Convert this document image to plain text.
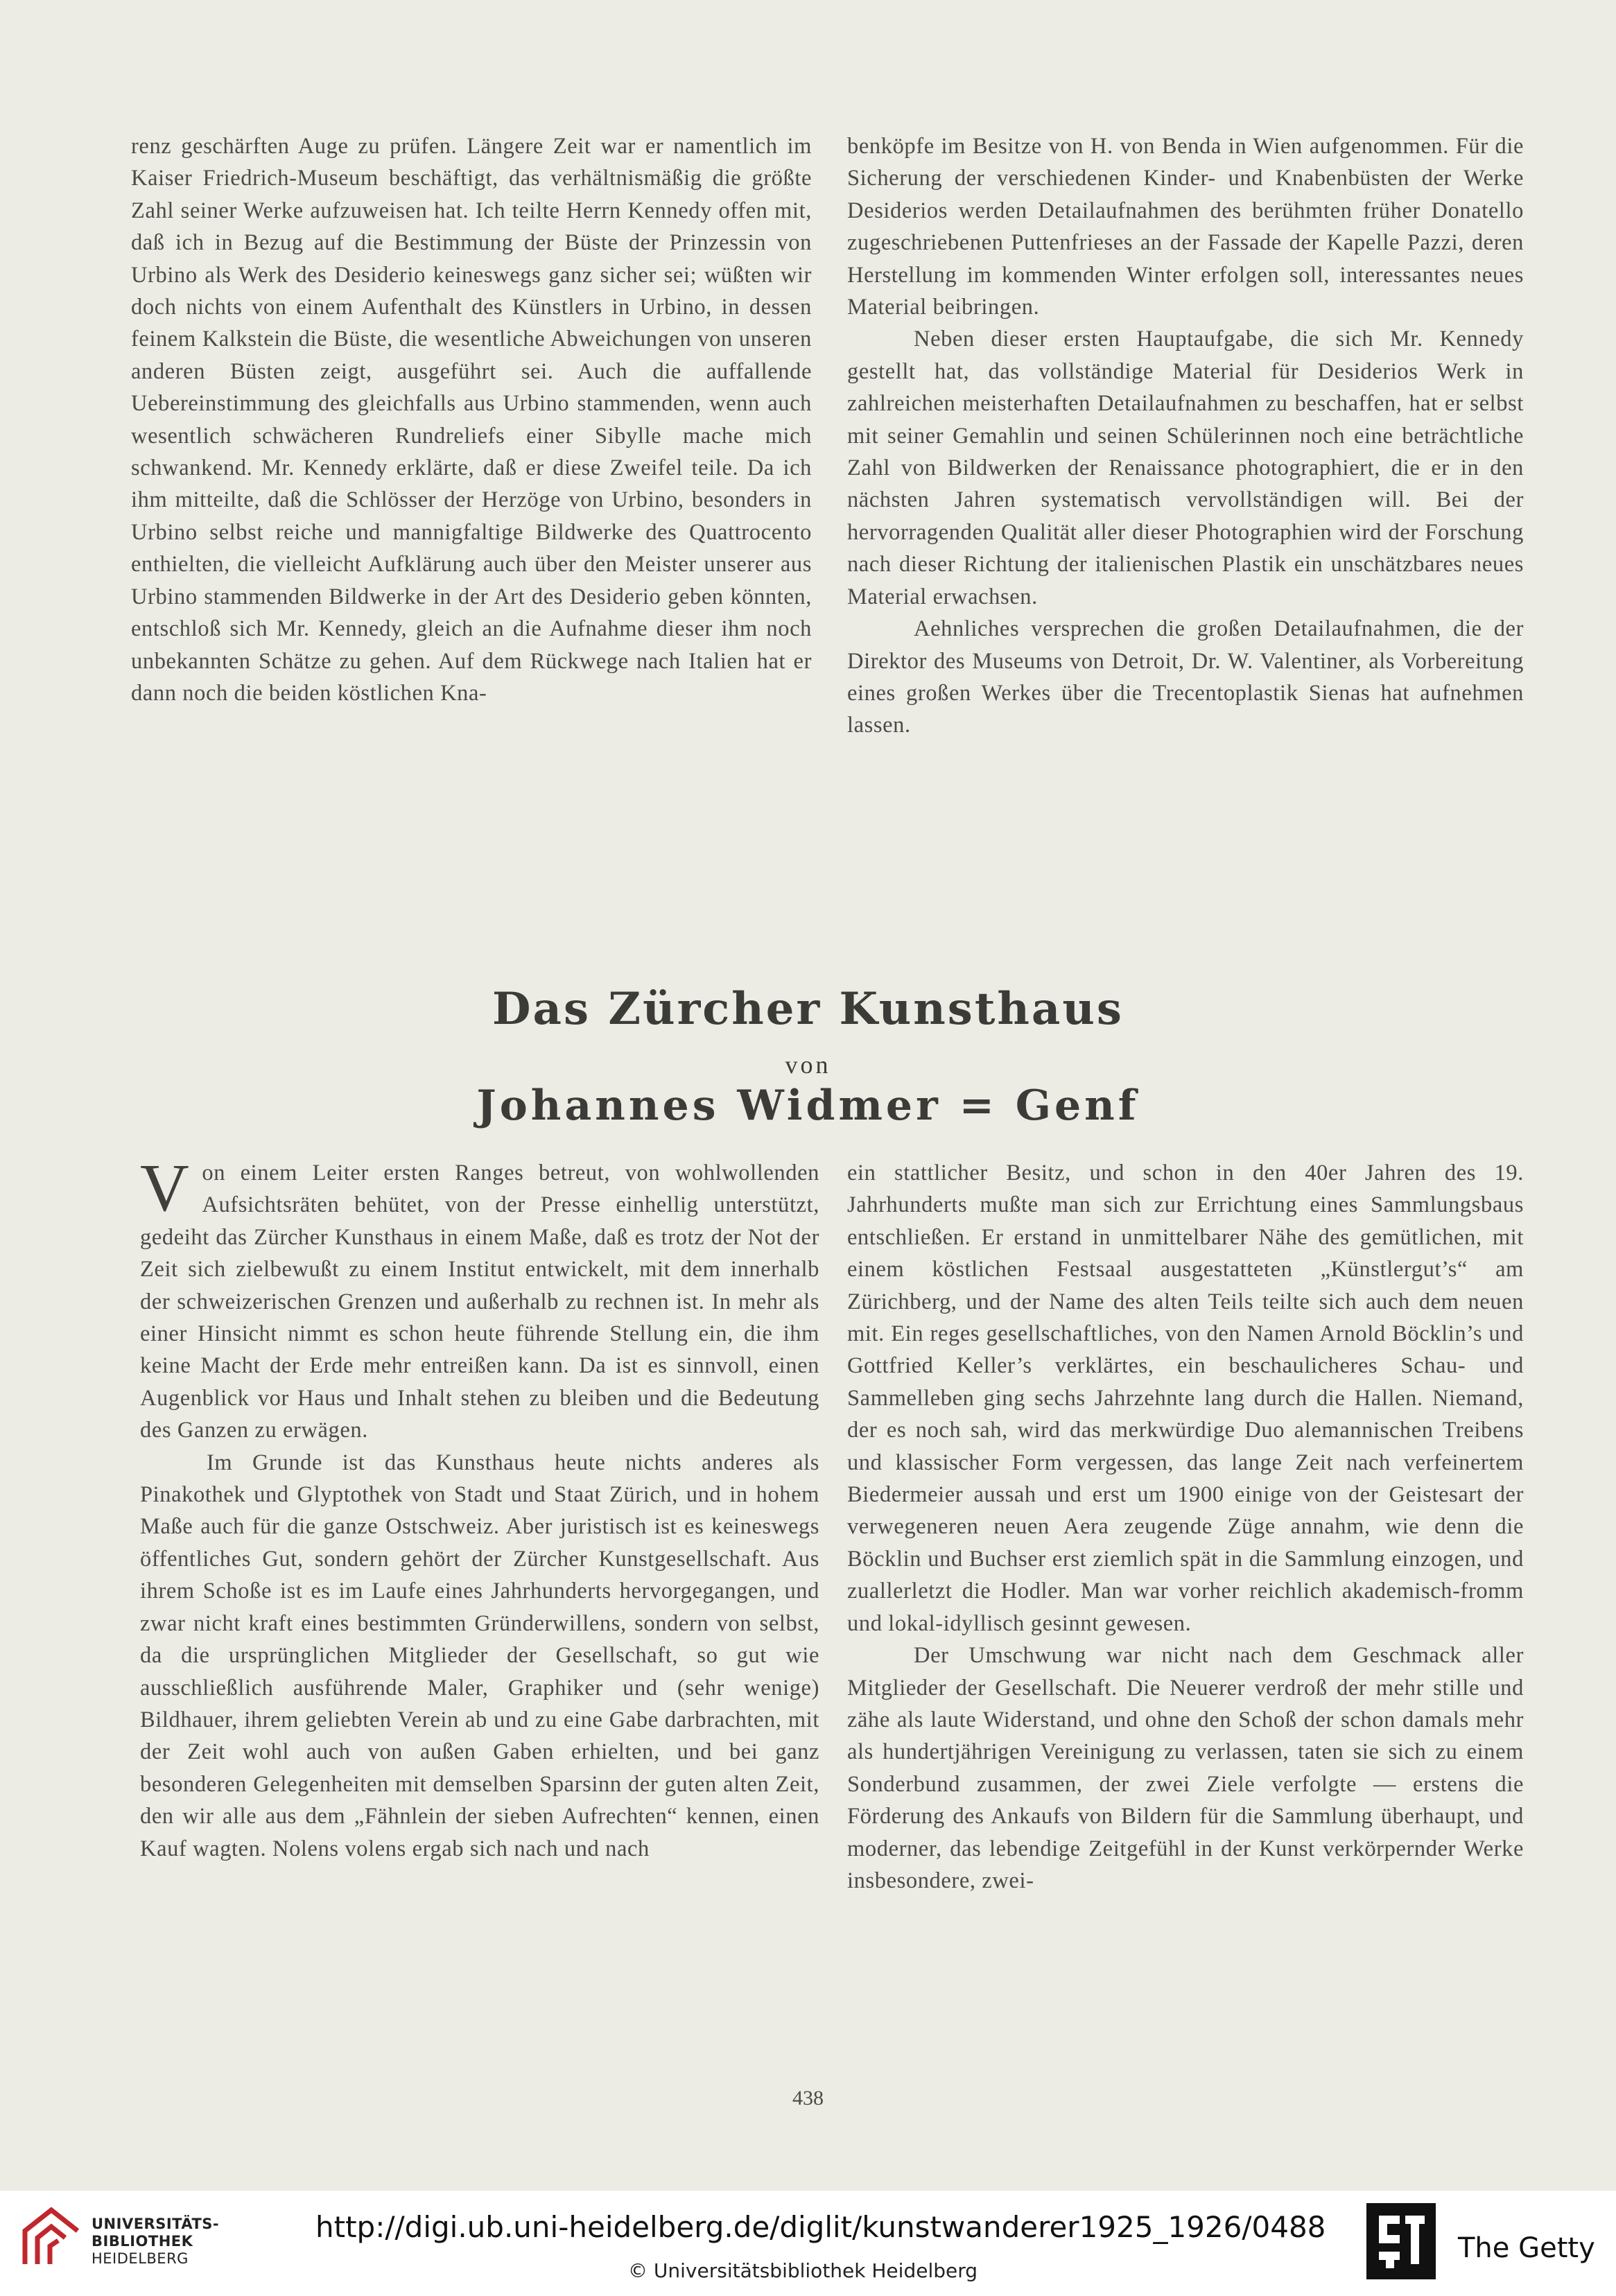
renz geschärften Auge zu prüfen. Längere Zeit war er namentlich im Kaiser Friedrich-Museum beschäftigt, das verhältnismäßig die größte Zahl seiner Werke aufzuweisen hat. Ich teilte Herrn Kennedy offen mit, daß ich in Bezug auf die Bestimmung der Büste der Prinzessin von Urbino als Werk des Desiderio keineswegs ganz sicher sei; wüßten wir doch nichts von einem Aufenthalt des Künstlers in Urbino, in dessen feinem Kalkstein die Büste, die wesentliche Abweichungen von unseren anderen Büsten zeigt, ausgeführt sei. Auch die auffallende Uebereinstimmung des gleichfalls aus Urbino stammenden, wenn auch wesentlich schwächeren Rundreliefs einer Sibylle mache mich schwankend. Mr. Kennedy erklärte, daß er diese Zweifel teile. Da ich ihm mitteilte, daß die Schlösser der Herzöge von Urbino, besonders in Urbino selbst reiche und mannigfaltige Bildwerke des Quattrocento enthielten, die vielleicht Aufklärung auch über den Meister unserer aus Urbino stammenden Bildwerke in der Art des Desiderio geben könnten, entschloß sich Mr. Kennedy, gleich an die Aufnahme dieser ihm noch unbekannten Schätze zu gehen. Auf dem Rückwege nach Italien hat er dann noch die beiden köstlichen Kna-

benköpfe im Besitze von H. von Benda in Wien aufgenommen. Für die Sicherung der verschiedenen Kinder- und Knabenbüsten der Werke Desiderios werden Detailaufnahmen des berühmten früher Donatello zugeschriebenen Puttenfrieses an der Fassade der Kapelle Pazzi, deren Herstellung im kommenden Winter erfolgen soll, interessantes neues Material beibringen.

Neben dieser ersten Hauptaufgabe, die sich Mr. Kennedy gestellt hat, das vollständige Material für Desiderios Werk in zahlreichen meisterhaften Detailaufnahmen zu beschaffen, hat er selbst mit seiner Gemahlin und seinen Schülerinnen noch eine beträchtliche Zahl von Bildwerken der Renaissance photographiert, die er in den nächsten Jahren systematisch vervollständigen will. Bei der hervorragenden Qualität aller dieser Photographien wird der Forschung nach dieser Richtung der italienischen Plastik ein unschätzbares neues Material erwachsen.

Aehnliches versprechen die großen Detailaufnahmen, die der Direktor des Museums von Detroit, Dr. W. Valentiner, als Vorbereitung eines großen Werkes über die Trecentoplastik Sienas hat aufnehmen lassen.

Das Zürcher Kunsthaus
von
Johannes Widmer = Genf

Von einem Leiter ersten Ranges betreut, von wohlwollenden Aufsichtsräten behütet, von der Presse einhellig unterstützt, gedeiht das Zürcher Kunsthaus in einem Maße, daß es trotz der Not der Zeit sich zielbewußt zu einem Institut entwickelt, mit dem innerhalb der schweizerischen Grenzen und außerhalb zu rechnen ist. In mehr als einer Hinsicht nimmt es schon heute führende Stellung ein, die ihm keine Macht der Erde mehr entreißen kann. Da ist es sinnvoll, einen Augenblick vor Haus und Inhalt stehen zu bleiben und die Bedeutung des Ganzen zu erwägen.

Im Grunde ist das Kunsthaus heute nichts anderes als Pinakothek und Glyptothek von Stadt und Staat Zürich, und in hohem Maße auch für die ganze Ostschweiz. Aber juristisch ist es keineswegs öffentliches Gut, sondern gehört der Zürcher Kunstgesellschaft. Aus ihrem Schoße ist es im Laufe eines Jahrhunderts hervorgegangen, und zwar nicht kraft eines bestimmten Gründerwillens, sondern von selbst, da die ursprünglichen Mitglieder der Gesellschaft, so gut wie ausschließlich ausführende Maler, Graphiker und (sehr wenige) Bildhauer, ihrem geliebten Verein ab und zu eine Gabe darbrachten, mit der Zeit wohl auch von außen Gaben erhielten, und bei ganz besonderen Gelegenheiten mit demselben Sparsinn der guten alten Zeit, den wir alle aus dem „Fähnlein der sieben Aufrechten“ kennen, einen Kauf wagten. Nolens volens ergab sich nach und nach

ein stattlicher Besitz, und schon in den 40er Jahren des 19. Jahrhunderts mußte man sich zur Errichtung eines Sammlungsbaus entschließen. Er erstand in unmittelbarer Nähe des gemütlichen, mit einem köstlichen Festsaal ausgestatteten „Künstlergut’s“ am Zürichberg, und der Name des alten Teils teilte sich auch dem neuen mit. Ein reges gesellschaftliches, von den Namen Arnold Böcklin’s und Gottfried Keller’s verklärtes, ein beschaulicheres Schau- und Sammelleben ging sechs Jahrzehnte lang durch die Hallen. Niemand, der es noch sah, wird das merkwürdige Duo alemannischen Treibens und klassischer Form vergessen, das lange Zeit nach verfeinertem Biedermeier aussah und erst um 1900 einige von der Geistesart der verwegeneren neuen Aera zeugende Züge annahm, wie denn die Böcklin und Buchser erst ziemlich spät in die Sammlung einzogen, und zuallerletzt die Hodler. Man war vorher reichlich akademisch-fromm und lokal-idyllisch gesinnt gewesen.

Der Umschwung war nicht nach dem Geschmack aller Mitglieder der Gesellschaft. Die Neuerer verdroß der mehr stille und zähe als laute Widerstand, und ohne den Schoß der schon damals mehr als hundertjährigen Vereinigung zu verlassen, taten sie sich zu einem Sonderbund zusammen, der zwei Ziele verfolgte — erstens die Förderung des Ankaufs von Bildern für die Sammlung überhaupt, und moderner, das lebendige Zeitgefühl in der Kunst verkörpernder Werke insbesondere, zwei-

438
UNIVERSITÄTS-
BIBLIOTHEK
HEIDELBERG
http://digi.ub.uni-heidelberg.de/diglit/kunstwanderer1925_1926/0488
© Universitätsbibliothek Heidelberg
The Getty
